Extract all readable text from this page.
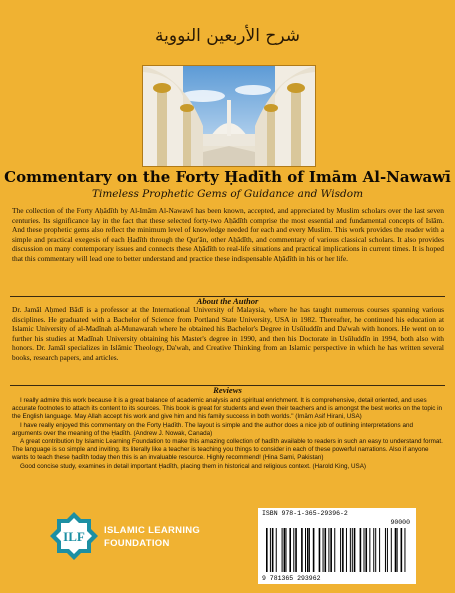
شرح الأربعين النووية
Commentary on the Forty Ḥadīth of Imām Al-Nawawī
Timeless Prophetic Gems of Guidance and Wisdom

The collection of the Forty Aḥādīth by Al-Imām Al-Nawawī has been known, accepted, and appreciated by Muslim scholars over the last seven centuries. Its significance lay in the fact that these selected forty-two Aḥādīth comprise the most essential and fundamental concepts of Islām. And these prophetic gems also reflect the minimum level of knowledge needed for each and every Muslim. This work provides the reader with a simple and practical exegesis of each Ḥadīth through the Qur'ān, other Aḥādīth, and commentary of various classical scholars. It also provides discussion on many contemporary issues and connects these Aḥādīth to real-life situations and practical implications in current times. It is hoped that this commentary will lead one to better understand and practice these indispensable Aḥādīth in his or her life.

About the Author

Dr. Jamāl Aḥmed Bādī is a professor at the International University of Malaysia, where he has taught numerous courses spanning various disciplines. He graduated with a Bachelor of Science from Portland State University, USA in 1982. Thereafter, he continued his education at Islamic University of al-Madīnah al-Munawarah where he obtained his Bachelor's Degree in Usūluddīn and Da'wah with honors. He went on to further his studies at Madīnah University obtaining his Master's degree in 1990, and then his Doctorate in Usūluddīn in 1994, both also with honors. Dr. Jamāl specializes in Islāmic Theology, Da'wah, and Creative Thinking from an Islamic perspective in which he has written several books, research papers, and articles.

Reviews

I really admire this work because it is a great balance of academic analysis and spiritual enrichment. It is comprehensive, detail oriented, and uses accurate footnotes to attach its content to its sources. This book is great for students and even their teachers and is amongst the best works on the topic in the English language. May Allah accept his work and give him and his family success in both worlds." (Imām Asif Hirani, USA)

I have really enjoyed this commentary on the Forty Ḥadīth. The layout is simple and the author does a nice job of outlining interpretations and arguments over the meaning of the Ḥadīth. (Andrew J. Nowak, Canada)

A great contribution by Islamic Learning Foundation to make this amazing collection of ḥadīth available to readers in such an easy to understand format. The language is so simple and inviting. Its literally like a teacher is teaching you things to consider in each of these powerful narrations. Also if anyone wants to teach these ḥadīth today then this is an invaluable resource. Highly recommend! (Hina Sami, Pakistan)

Good concise study, examines in detail important Ḥadīth, placing them in historical and religious context. (Harold King, USA)

ILF ISLAMIC LEARNING
FOUNDATION
ISBN 978-1-365-29396-2
90000
9 781365 293962
